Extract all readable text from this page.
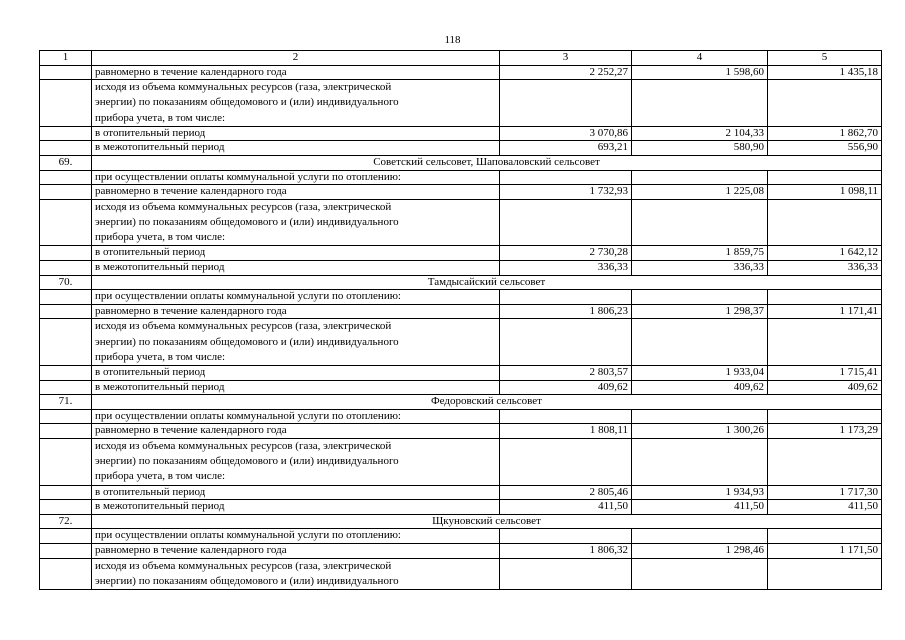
118
1	2	3	4	5
	равномерно в течение календарного года	2 252,27	1 598,60	1 435,18

	исходя из объема коммунальных ресурсов (газа, электрической
энергии) по показаниям общедомового и (или) индивидуального
прибора учета, в том числе:			

	в отопительный период	3 070,86	2 104,33	1 862,70
	в межотопительный период	693,21	580,90	556,90
69.	Советский сельсовет, Шаповаловский сельсовет			
	при осуществлении оплаты коммунальной услуги по отоплению:			
	равномерно в течение календарного года	1 732,93	1 225,08	1 098,11

	исходя из объема коммунальных ресурсов (газа, электрической
энергии) по показаниям общедомового и (или) индивидуального
прибора учета, в том числе:			

	в отопительный период	2 730,28	1 859,75	1 642,12
	в межотопительный период	336,33	336,33	336,33
70.	Тамдысайский сельсовет			
	при осуществлении оплаты коммунальной услуги по отоплению:			
	равномерно в течение календарного года	1 806,23	1 298,37	1 171,41

	исходя из объема коммунальных ресурсов (газа, электрической
энергии) по показаниям общедомового и (или) индивидуального
прибора учета, в том числе:			

	в отопительный период	2 803,57	1 933,04	1 715,41
	в межотопительный период	409,62	409,62	409,62
71.	Федоровский сельсовет			
	при осуществлении оплаты коммунальной услуги по отоплению:			
	равномерно в течение календарного года	1 808,11	1 300,26	1 173,29

	исходя из объема коммунальных ресурсов (газа, электрической
энергии) по показаниям общедомового и (или) индивидуального
прибора учета, в том числе:			

	в отопительный период	2 805,46	1 934,93	1 717,30
	в межотопительный период	411,50	411,50	411,50
72.	Щкуновский сельсовет			
	при осуществлении оплаты коммунальной услуги по отоплению:			
	равномерно в течение календарного года	1 806,32	1 298,46	1 171,50

	исходя из объема коммунальных ресурсов (газа, электрической
энергии) по показаниям общедомового и (или) индивидуального			
